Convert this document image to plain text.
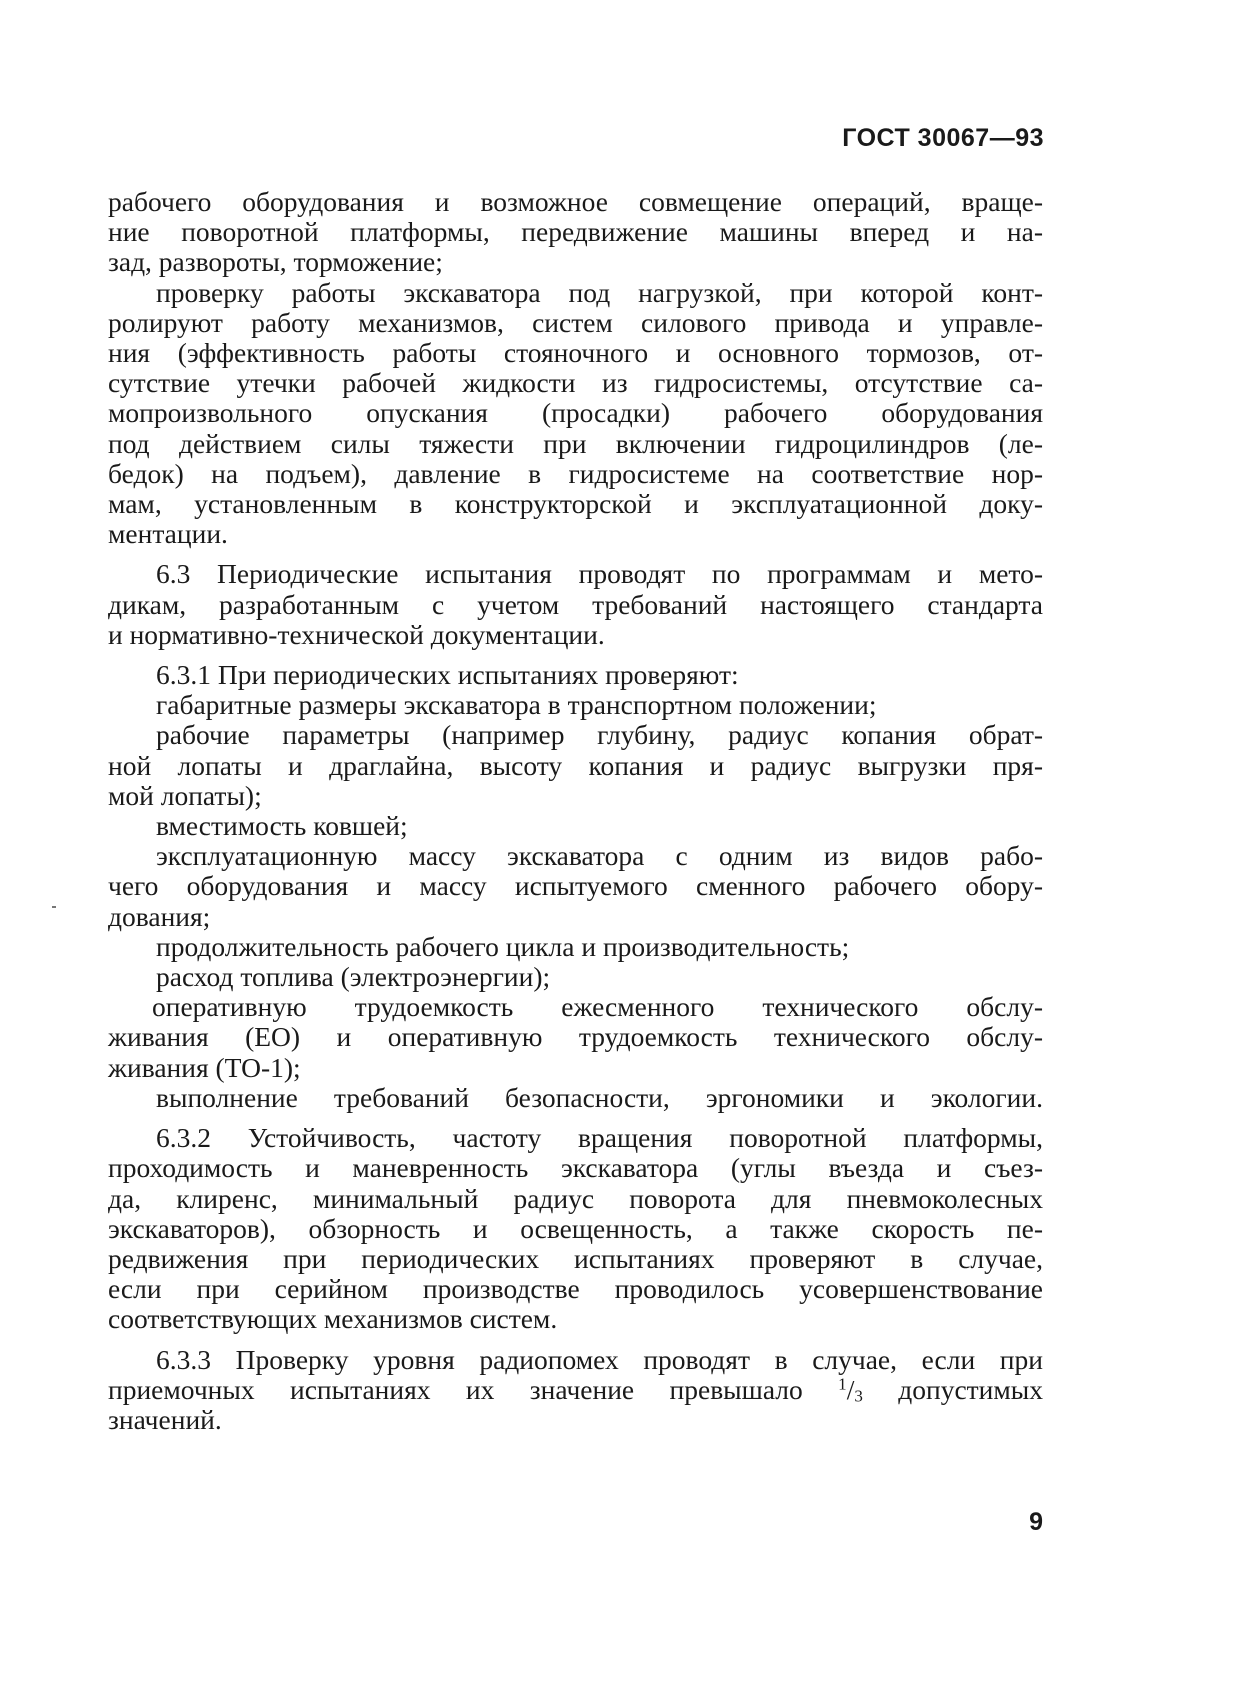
ГОСТ 30067—93
рабочего оборудования и возможное совмещение операций, враще-
ние поворотной платформы, передвижение машины вперед и на-
зад, развороты, торможение;
проверку работы экскаватора под нагрузкой, при которой конт-
ролируют работу механизмов, систем силового привода и управле-
ния (эффективность работы стояночного и основного тормозов, от-
сутствие утечки рабочей жидкости из гидросистемы, отсутствие са-
мопроизвольного опускания (просадки) рабочего оборудования
под действием силы тяжести при включении гидроцилиндров (ле-
бедок) на подъем), давление в гидросистеме на соответствие нор-
мам, установленным в конструкторской и эксплуатационной доку-
ментации.
6.3 Периодические испытания проводят по программам и мето-
дикам, разработанным с учетом требований настоящего стандарта
и нормативно-технической документации.
6.3.1 При периодических испытаниях проверяют:
габаритные размеры экскаватора в транспортном положении;
рабочие параметры (например глубину, радиус копания обрат-
ной лопаты и драглайна, высоту копания и радиус выгрузки пря-
мой лопаты);
вместимость ковшей;
эксплуатационную массу экскаватора с одним из видов рабо-
чего оборудования и массу испытуемого сменного рабочего обору-
дования;
продолжительность рабочего цикла и производительность;
расход топлива (электроэнергии);
оперативную трудоемкость ежесменного технического обслу-
живания (ЕО) и оперативную трудоемкость технического обслу-
живания (ТО-1);
выполнение требований безопасности, эргономики и экологии.
6.3.2 Устойчивость, частоту вращения поворотной платформы,
проходимость и маневренность экскаватора (углы въезда и съез-
да, клиренс, минимальный радиус поворота для пневмоколесных
экскаваторов), обзорность и освещенность, а также скорость пе-
редвижения при периодических испытаниях проверяют в случае,
если при серийном производстве проводилось усовершенствование
соответствующих механизмов систем.
6.3.3 Проверку уровня радиопомех проводят в случае, если при
приемочных испытаниях их значение превышало $^1/_3$ допустимых
значений.
9
